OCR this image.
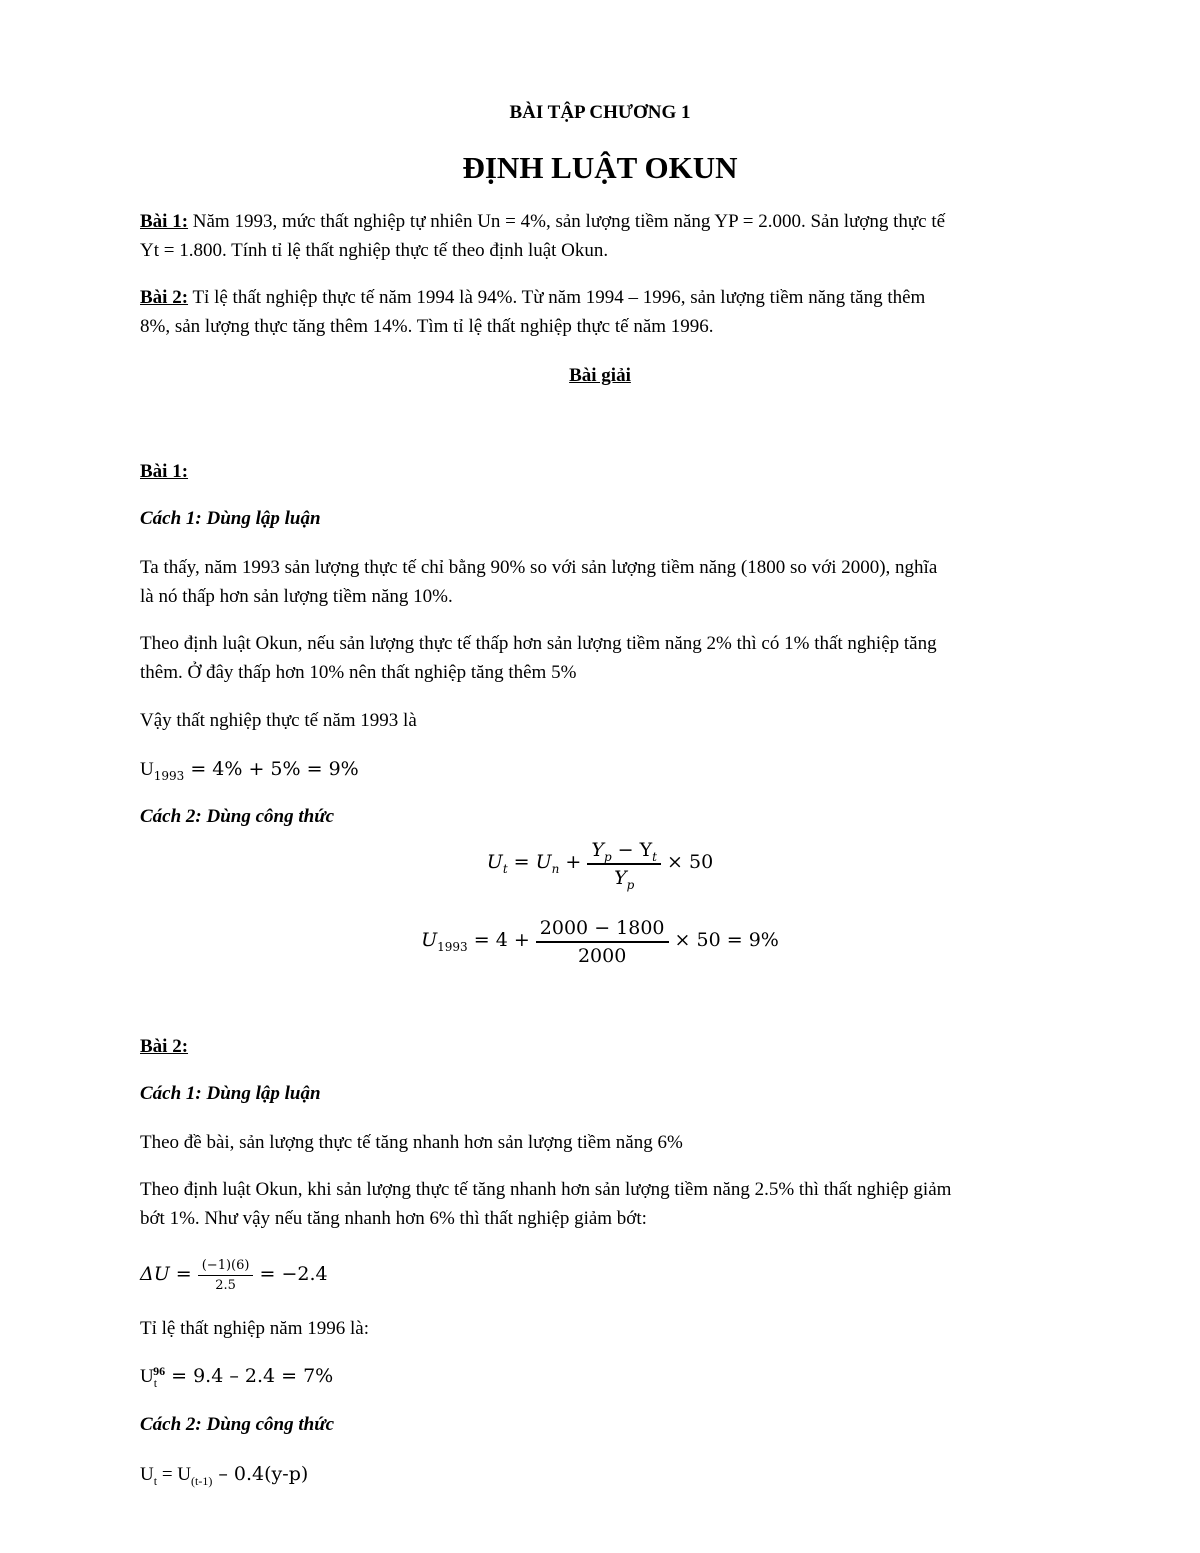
BÀI TẬP CHƯƠNG 1
ĐỊNH LUẬT OKUN
Bài 1: Năm 1993, mức thất nghiệp tự nhiên Un = 4%, sản lượng tiềm năng YP = 2.000. Sản lượng thực tế
Yt = 1.800. Tính tỉ lệ thất nghiệp thực tế theo định luật Okun.
Bài 2: Tỉ lệ thất nghiệp thực tế năm 1994 là 94%. Từ năm 1994 – 1996, sản lượng tiềm năng tăng thêm
8%, sản lượng thực tăng thêm 14%. Tìm tỉ lệ thất nghiệp thực tế năm 1996.
Bài giải
Bài 1:
Cách 1: Dùng lập luận
Ta thấy, năm 1993 sản lượng thực tế chỉ bằng 90% so với sản lượng tiềm năng (1800 so với 2000), nghĩa
là nó thấp hơn sản lượng tiềm năng 10%.
Theo định luật Okun, nếu sản lượng thực tế thấp hơn sản lượng tiềm năng 2% thì có 1% thất nghiệp tăng
thêm. Ở đây thấp hơn 10% nên thất nghiệp tăng thêm 5%
Vậy thất nghiệp thực tế năm 1993 là
$U_{1993} = 4\% + 5\% = 9\%$
Cách 2: Dùng công thức
$U_t = U_n + \frac{Y_p - Y_t}{Y_p} \times 50$
$U_{1993} = 4 + \frac{2000 - 1800}{2000} \times 50 = 9\%$
Bài 2:
Cách 1: Dùng lập luận
Theo đề bài, sản lượng thực tế tăng nhanh hơn sản lượng tiềm năng 6%
Theo định luật Okun, khi sản lượng thực tế tăng nhanh hơn sản lượng tiềm năng 2.5% thì thất nghiệp giảm
bớt 1%. Như vậy nếu tăng nhanh hơn 6% thì thất nghiệp giảm bớt:
$\Delta U = \frac{(-1)(6)}{2.5} = -2.4$
Tỉ lệ thất nghiệp năm 1996 là:
$U_t^{96} = 9.4 - 2.4 = 7\%$
Cách 2: Dùng công thức
$U_t = U_{(t-1)} - 0.4(y-p)$
